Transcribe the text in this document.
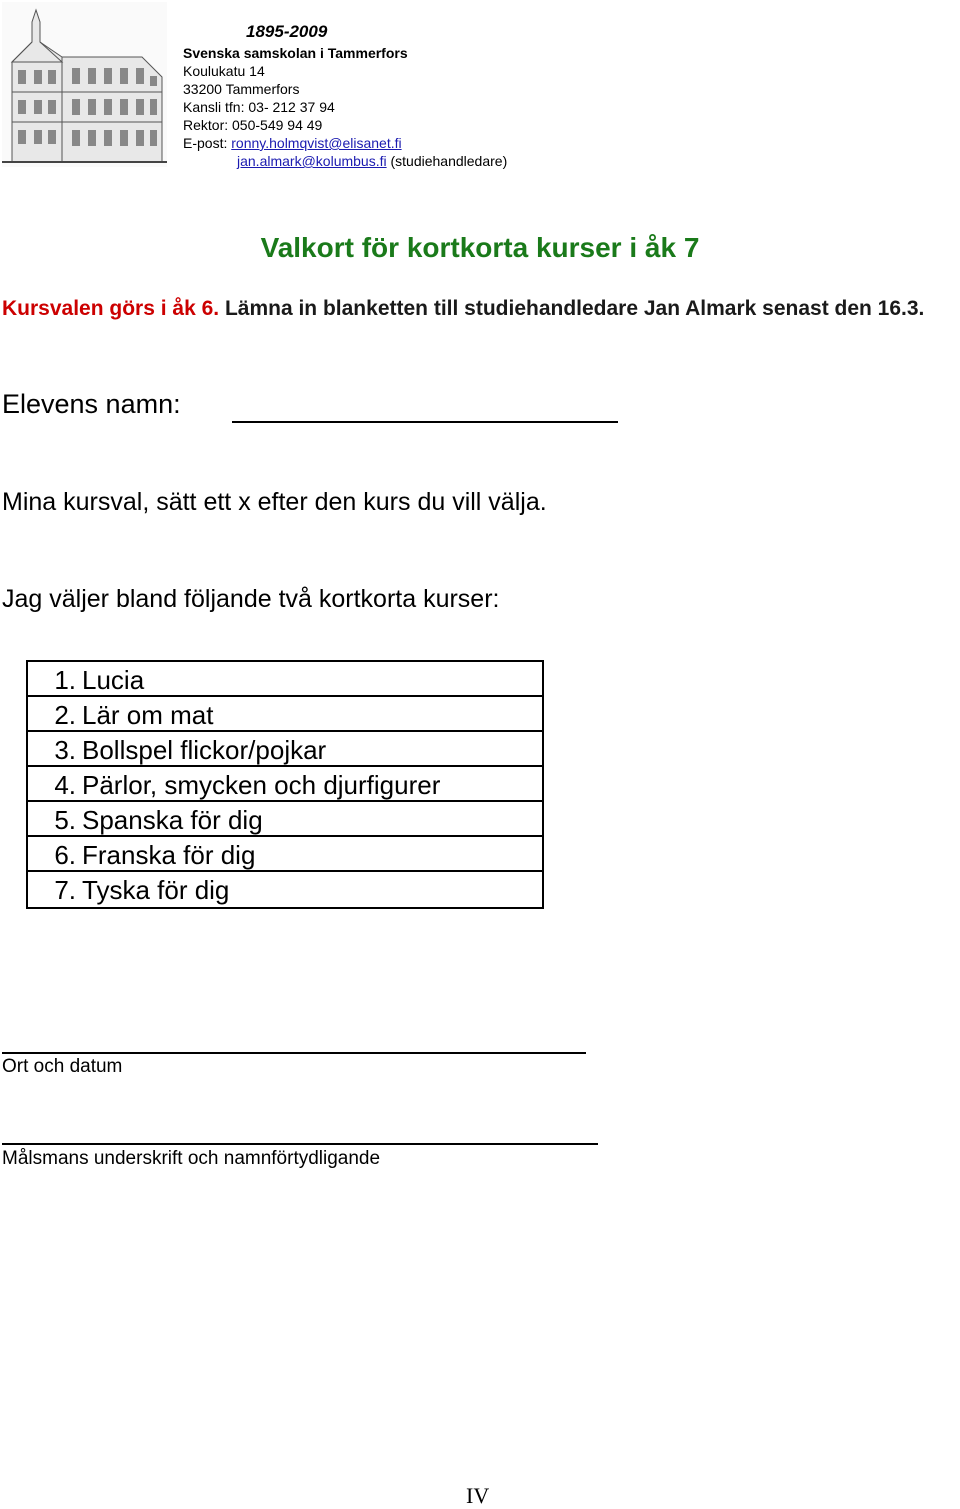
1895-2009
Svenska samskolan i Tammerfors
Koulukatu 14
33200 Tammerfors
Kansli tfn: 03- 212 37 94
Rektor: 050-549 94 49
E-post: ronny.holmqvist@elisanet.fi
jan.almark@kolumbus.fi (studiehandledare)
Valkort för kortkorta kurser i åk 7
Kursvalen görs i åk 6. Lämna in blanketten till studiehandledare Jan Almark senast den 16.3.
Elevens namn:
Mina kursval, sätt ett x efter den kurs du vill välja.
Jag väljer bland följande två kortkorta kurser:
1. Lucia
2. Lär om mat
3. Bollspel flickor/pojkar
4. Pärlor, smycken och djurfigurer
5. Spanska för dig
6. Franska för dig
7. Tyska för dig
Ort och datum
Målsmans underskrift och namnförtydligande
IV
